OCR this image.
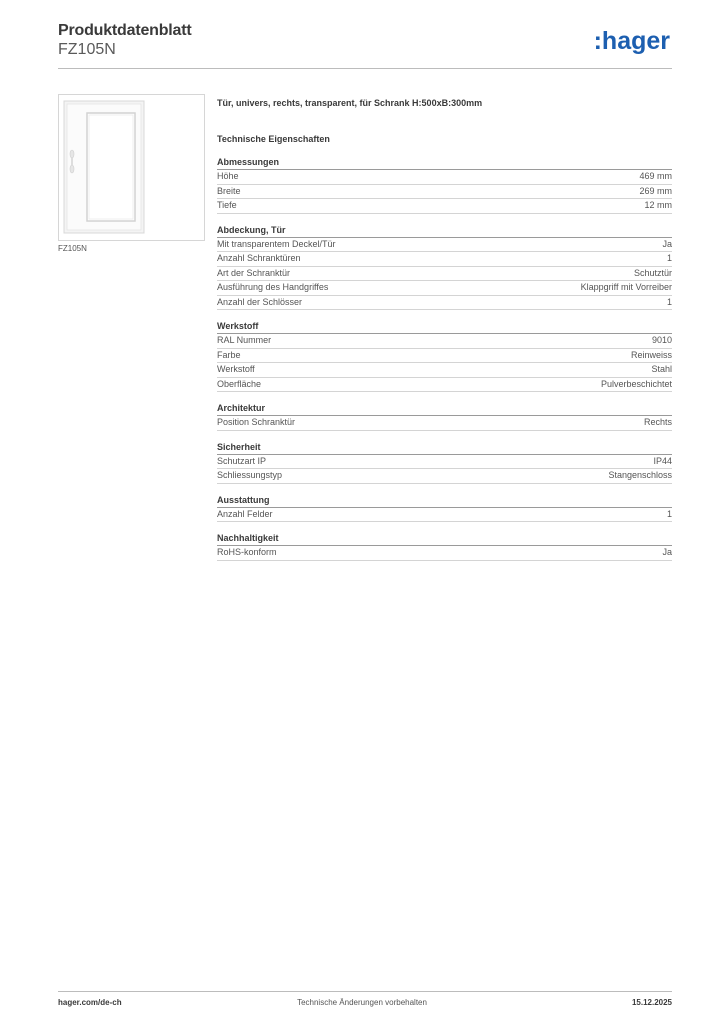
Produktdatenblatt
FZ105N	:hager
FZ105N
Tür, univers, rechts, transparent, für Schrank H:500xB:300mm
Technische Eigenschaften
Abmessungen
Höhe	469 mm
Breite	269 mm
Tiefe	12 mm
Abdeckung, Tür
Mit transparentem Deckel/Tür	Ja
Anzahl Schranktüren	1
Art der Schranktür	Schutztür
Ausführung des Handgriffes	Klappgriff mit Vorreiber
Anzahl der Schlösser	1
Werkstoff
RAL Nummer	9010
Farbe	Reinweiss
Werkstoff	Stahl
Oberfläche	Pulverbeschichtet
Architektur
Position Schranktür	Rechts
Sicherheit
Schutzart IP	IP44
Schliessungstyp	Stangenschloss
Ausstattung
Anzahl Felder	1
Nachhaltigkeit
RoHS-konform	Ja
hager.com/de-ch	Technische Änderungen vorbehalten	15.12.2025
